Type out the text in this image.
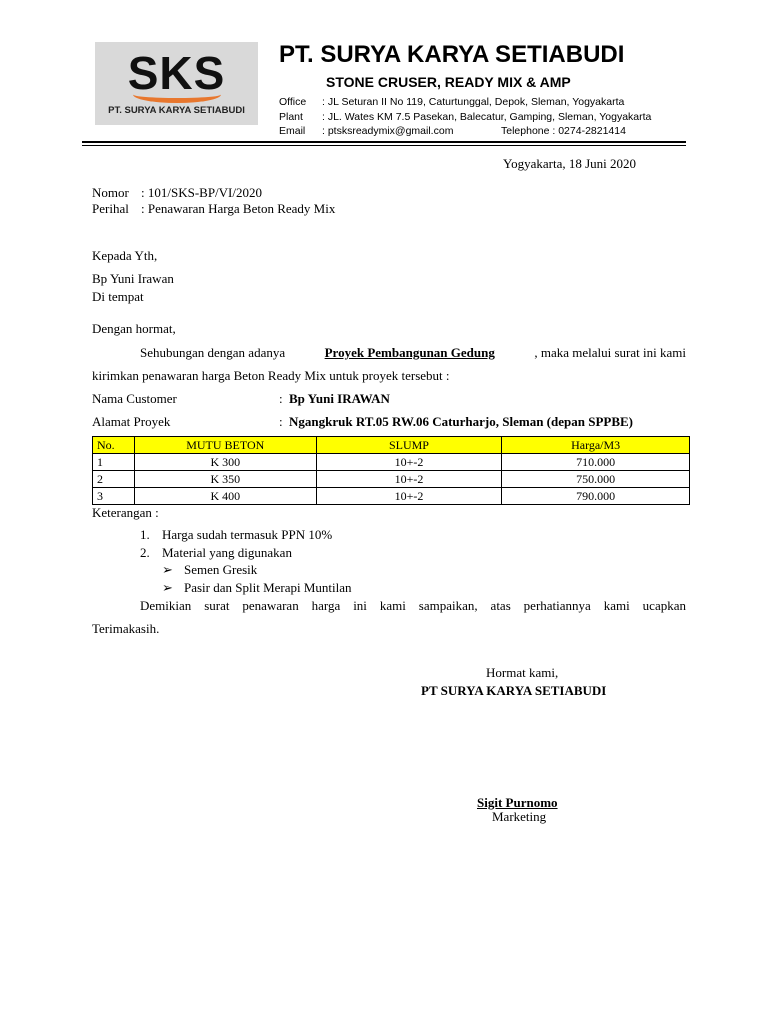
SKS
PT. SURYA KARYA SETIABUDI
PT. SURYA KARYA SETIABUDI
STONE CRUSER, READY MIX & AMP
Office : JL Seturan II No 119, Caturtunggal, Depok, Sleman, Yogyakarta
Plant : JL. Wates KM 7.5 Pasekan, Balecatur, Gamping, Sleman, Yogyakarta
Email : ptsksreadymix@gmail.com	Telephone : 0274-2821414
Yogyakarta, 18 Juni 2020
Nomor : 101/SKS-BP/VI/2020
Perihal : Penawaran Harga Beton Ready Mix
Kepada Yth,
Bp Yuni Irawan
Di tempat
Dengan hormat,
Sehubungan dengan adanya	Proyek Pembangunan Gedung	, maka melalui surat ini kami
kirimkan penawaran harga Beton Ready Mix untuk proyek tersebut :
Nama Customer	: Bp Yuni IRAWAN
Alamat Proyek	: Ngangkruk RT.05 RW.06 Caturharjo, Sleman (depan SPPBE)
No.	MUTU BETON	SLUMP	Harga/M3
1	K 300	10+-2	710.000
2	K 350	10+-2	750.000
3	K 400	10+-2	790.000
Keterangan :
1. Harga sudah termasuk PPN 10%
2. Material yang digunakan
➢ Semen Gresik
➢ Pasir dan Split Merapi Muntilan
Demikian surat penawaran harga ini kami sampaikan, atas perhatiannya kami ucapkan
Terimakasih.
Hormat kami,
PT SURYA KARYA SETIABUDI
Sigit Purnomo
Marketing
